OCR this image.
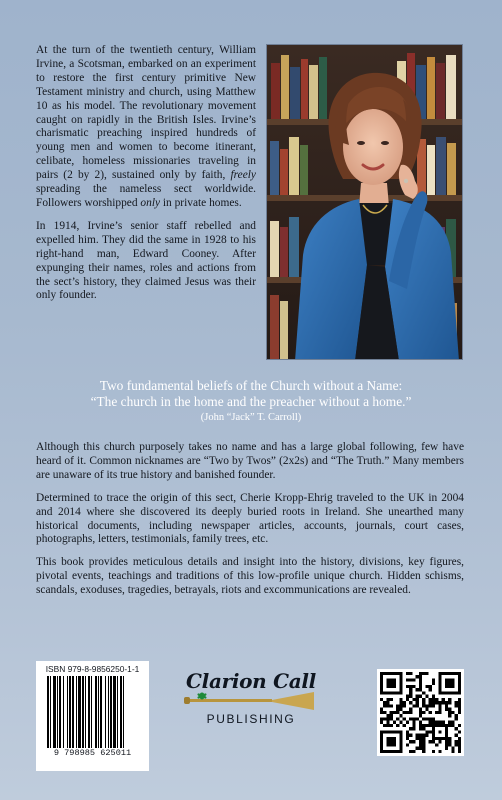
At the turn of the twentieth century, William Irvine, a Scotsman, embarked on an experiment to restore the first century primitive New Testament ministry and church, using Matthew 10 as his model. The revolutionary movement caught on rapidly in the British Isles. Irvine’s charismatic preaching inspired hundreds of young men and women to become itinerant, celibate, homeless missionaries traveling in pairs (2 by 2), sustained only by faith, freely spreading the nameless sect worldwide. Followers worshipped only in private homes.

In 1914, Irvine’s senior staff rebelled and expelled him. They did the same in 1928 to his right-hand man, Edward Cooney. After expunging their names, roles and actions from the sect’s history, they claimed Jesus was their only founder.

Two fundamental beliefs of the Church without a Name:
“The church in the home and the preacher without a home.”
(John “Jack” T. Carroll)

Although this church purposely takes no name and has a large global following, few have heard of it. Common nicknames are “Two by Twos” (2x2s) and “The Truth.” Many members are unaware of its true history and banished founder.

Determined to trace the origin of this sect, Cherie Kropp-Ehrig traveled to the UK in 2004 and 2014 where she discovered its deeply buried roots in Ireland. She unearthed many historical documents, including newspaper articles, accounts, journals, court cases, photographs, letters, testimonials, family trees, etc.

This book provides meticulous details and insight into the history, divisions, key figures, pivotal events, teachings and traditions of this low-profile unique church. Hidden schisms, scandals, exoduses, tragedies, betrayals, riots and excommunications are revealed.

ISBN 979-8-9856250-1-1
9 798985 625011
Clarion Call
PUBLISHING
